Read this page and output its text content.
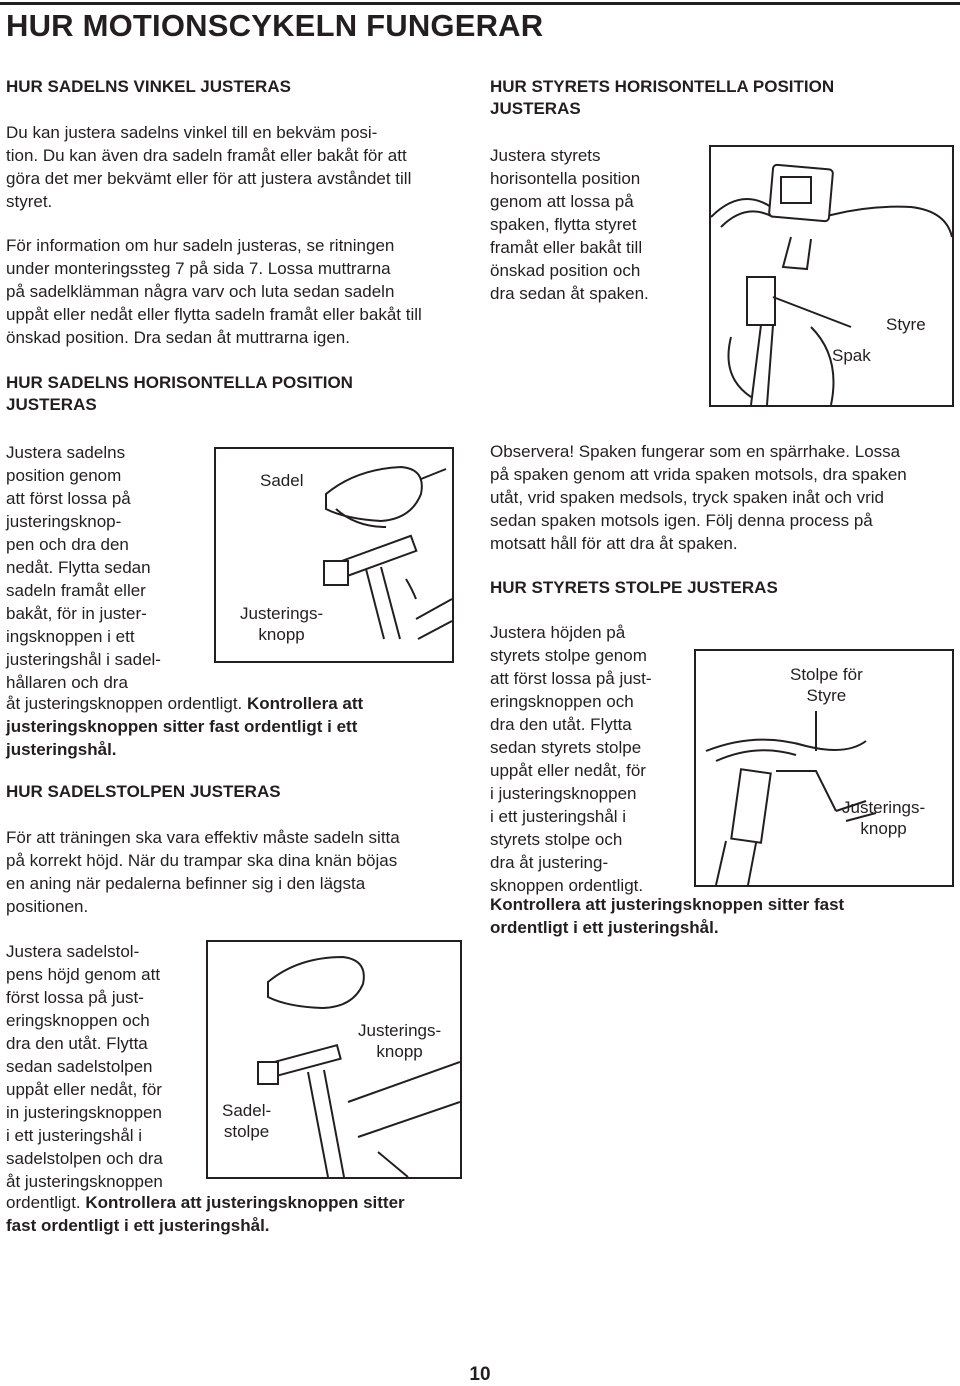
HUR MOTIONSCYKELN FUNGERAR
HUR SADELNS VINKEL JUSTERAS

Du kan justera sadelns vinkel till en bekväm posi-
tion. Du kan även dra sadeln framåt eller bakåt för att
göra det mer bekvämt eller för att justera avståndet till
styret.

För information om hur sadeln justeras, se ritningen
under monteringssteg 7 på sida 7. Lossa muttrarna
på sadelklämman några varv och luta sedan sadeln
uppåt eller nedåt eller flytta sadeln framåt eller bakåt till
önskad position. Dra sedan åt muttrarna igen.

HUR SADELNS HORISONTELLA POSITION
JUSTERAS

Justera sadelns
position genom
att först lossa på
justeringsknop-
pen och dra den
nedåt. Flytta sedan
sadeln framåt eller
bakåt, för in juster-
ingsknoppen i ett
justeringshål i sadel-
hållaren och dra

åt justeringsknoppen ordentligt. Kontrollera att
justeringsknoppen sitter fast ordentligt i ett
justeringshål.

Sadel
Justerings-
knopp
HUR SADELSTOLPEN JUSTERAS

För att träningen ska vara effektiv måste sadeln sitta
på korrekt höjd. När du trampar ska dina knän böjas
en aning när pedalerna befinner sig i den lägsta
positionen.

Justera sadelstol-
pens höjd genom att
först lossa på just-
eringsknoppen och
dra den utåt. Flytta
sedan sadelstolpen
uppåt eller nedåt, för
in justeringsknoppen
i ett justeringshål i
sadelstolpen och dra
åt justeringsknoppen

ordentligt. Kontrollera att justeringsknoppen sitter
fast ordentligt i ett justeringshål.

Justerings-
knopp
Sadel-
stolpe
HUR STYRETS HORISONTELLA POSITION
JUSTERAS

Justera styrets
horisontella position
genom att lossa på
spaken, flytta styret
framåt eller bakåt till
önskad position och
dra sedan åt spaken.

Spak
Styre

Observera! Spaken fungerar som en spärrhake. Lossa
på spaken genom att vrida spaken motsols, dra spaken
utåt, vrid spaken medsols, tryck spaken inåt och vrid
sedan spaken motsols igen. Följ denna process på
motsatt håll för att dra åt spaken.

HUR STYRETS STOLPE JUSTERAS

Justera höjden på
styrets stolpe genom
att först lossa på just-
eringsknoppen och
dra den utåt. Flytta
sedan styrets stolpe
uppåt eller nedåt, för
i justeringsknoppen
i ett justeringshål i
styrets stolpe och
dra åt justering-
sknoppen ordentligt.

Kontrollera att justeringsknoppen sitter fast
ordentligt i ett justeringshål.

Stolpe för
Styre
Justerings-
knopp
10
